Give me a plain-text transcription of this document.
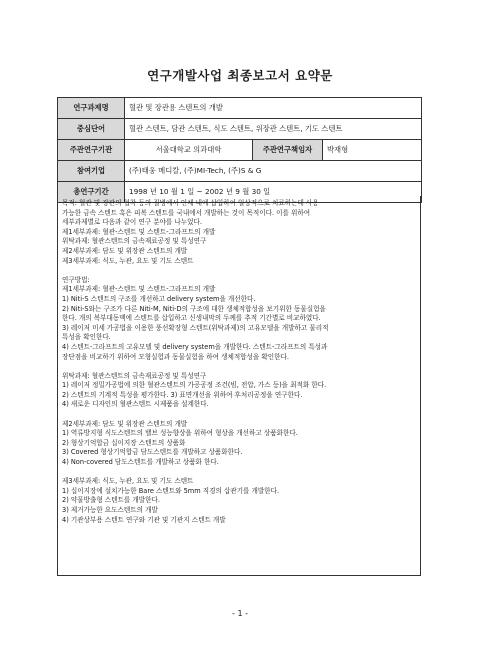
연구개발사업 최종보고서 요약문
연구과제명	혈관 및 장관용 스텐트의 개발		
중심단어	혈관 스텐트, 담관 스텐트, 식도 스텐트, 위장관 스텐트, 기도 스텐트		
주관연구기관	서울대학교 의과대학	주관연구책임자	박재형
참여기업	(주)태웅 메디칼, (주)MI-Tech, (주)S & G		
총연구기간	1998 년 10 월 1 일 ~ 2002 년 9 월 30 일		
목적: 혈관 및 장관의 협착 등의 질병에서 인체 내에 삽입하여 일상적으로 치료하는데 사용
가능한 금속 스텐트 혹은 피복 스텐트를 국내에서 개발하는 것이 목적이다. 이를 위하여
세부과제별로 다음과 같이 연구 분야를 나누었다.
제1세부과제: 혈관-스텐트 및 스텐트-그라프트의 개발
위탁과제: 혈관스텐트의 금속재료공정 및 특성연구
제2세부과제: 담도 및 위장관 스텐트의 개발
제3세부과제: 식도, 누관, 요도 및 기도 스텐트
연구방법:
제1세부과제: 혈관-스텐트 및 스텐트-그라프트의 개발
1) Niti-S 스텐트의 구조를 개선하고 delivery system을 개선한다.
2) Niti-S와는 구조가 다른 Niti-M, Niti-D의 구조에 대한 생체적합성을 보기위한 동물실험을
한다. 개의 복부대동맥에 스텐트를 삽입하고 신생내막의 두께를 추적 기간별로 비교하였다.
3) 레이저 미세 가공법을 이용한 풍선확장형 스텐트(위탁과제)의 고유모델을 개발하고 물리적
특성을 확인한다.
4) 스텐트-그라프트의 고유모델 및 delivery system을 개발한다. 스텐트-그라프트의 특성과
장단점을 비교하기 위하여 모형실험과 동물실험을 하여 생체적합성을 확인한다.
위탁과제: 혈관스텐트의 금속재료공정 및 특성연구
1) 레이저 정밀가공법에 의한 혈관스텐트의 가공공정 조건(빔, 전압, 가스 등)을 최적화 한다.
2) 스텐트의 기계적 특성을 평가한다. 3) 표면개선을 위하여 후처리공정을 연구한다.
4) 새로운 디자인의 혈관스텐트 시제품을 설계한다.
제2세부과제: 담도 및 위장관 스텐트의 개발
1) 역류방지형 식도스텐트의 밸브 성능향상을 위하여 형상을 개선하고 상품화한다.
2) 형상기억합금 십이지장 스텐트의 상품화
3) Covered 형상기억합금 담도스텐트를 개발하고 상품화한다.
4) Non-covered 담도스텐트를 개발하고 상품화 한다.
제3세부과제: 식도, 누관, 요도 및 기도 스텐트
1) 십이지장에 설치가능한 Bare 스텐트와 5mm 직경의 삽관기를 개발한다.
2) 약물방출형 스텐트를 개발한다.
3) 제거가능한 요도스텐트의 개발
4) 기관상부용 스텐트 연구와 기관 및 기관지 스텐트 개발
- 1 -
